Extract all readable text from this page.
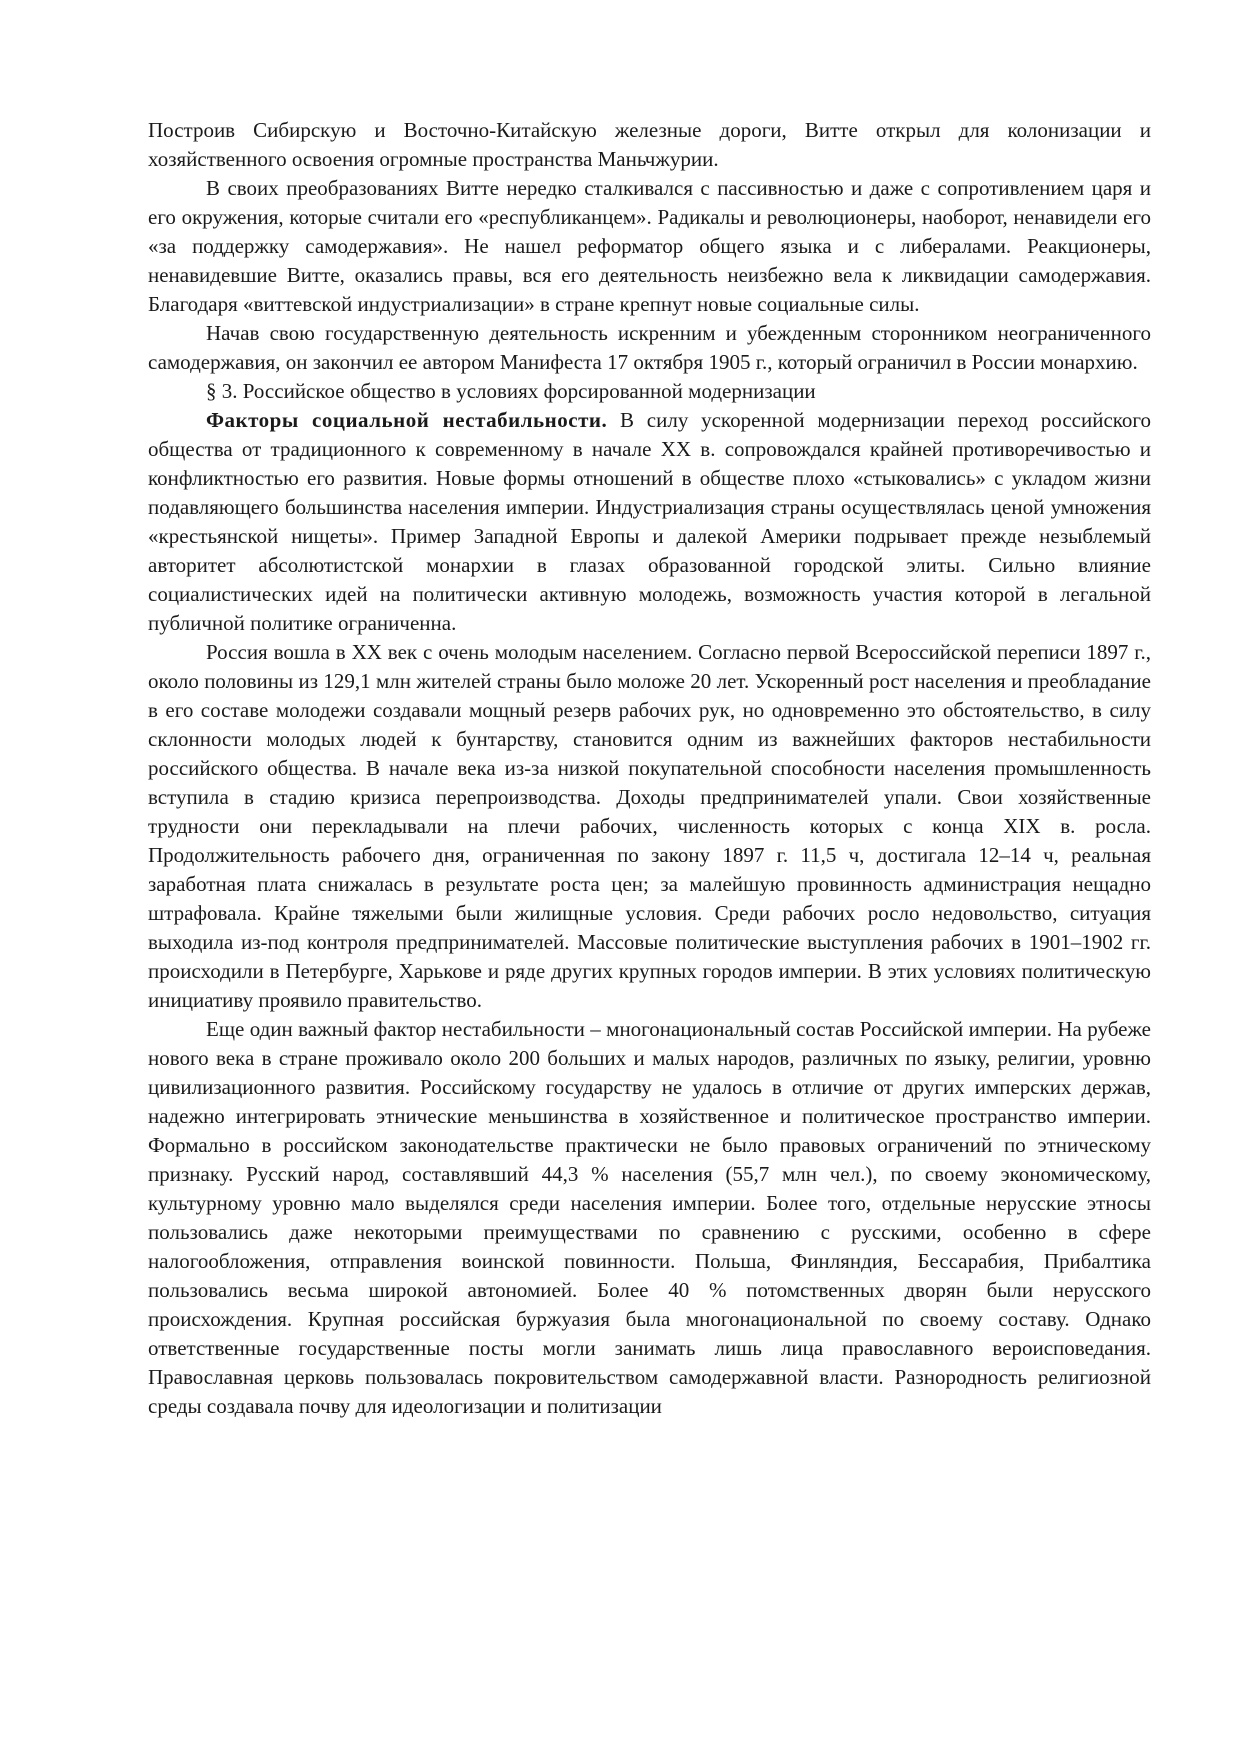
Построив Сибирскую и Восточно-Китайскую железные дороги, Витте открыл для колонизации и хозяйственного освоения огромные пространства Маньчжурии.

В своих преобразованиях Витте нередко сталкивался с пассивностью и даже с сопротивлением царя и его окружения, которые считали его «республиканцем». Радикалы и революционеры, наоборот, ненавидели его «за поддержку самодержавия». Не нашел реформатор общего языка и с либералами. Реакционеры, ненавидевшие Витте, оказались правы, вся его деятельность неизбежно вела к ликвидации самодержавия. Благодаря «виттевской индустриализации» в стране крепнут новые социальные силы.

Начав свою государственную деятельность искренним и убежденным сторонником неограниченного самодержавия, он закончил ее автором Манифеста 17 октября 1905 г., который ограничил в России монархию.

§ 3. Российское общество в условиях форсированной модернизации

Факторы социальной нестабильности. В силу ускоренной модернизации переход российского общества от традиционного к современному в начале XX в. сопровождался крайней противоречивостью и конфликтностью его развития. Новые формы отношений в обществе плохо «стыковались» с укладом жизни подавляющего большинства населения империи. Индустриализация страны осуществлялась ценой умножения «крестьянской нищеты». Пример Западной Европы и далекой Америки подрывает прежде незыблемый авторитет абсолютистской монархии в глазах образованной городской элиты. Сильно влияние социалистических идей на политически активную молодежь, возможность участия которой в легальной публичной политике ограниченна.

Россия вошла в XX век с очень молодым населением. Согласно первой Всероссийской переписи 1897 г., около половины из 129,1 млн жителей страны было моложе 20 лет. Ускоренный рост населения и преобладание в его составе молодежи создавали мощный резерв рабочих рук, но одновременно это обстоятельство, в силу склонности молодых людей к бунтарству, становится одним из важнейших факторов нестабильности российского общества. В начале века из-за низкой покупательной способности населения промышленность вступила в стадию кризиса перепроизводства. Доходы предпринимателей упали. Свои хозяйственные трудности они перекладывали на плечи рабочих, численность которых с конца XIX в. росла. Продолжительность рабочего дня, ограниченная по закону 1897 г. 11,5 ч, достигала 12–14 ч, реальная заработная плата снижалась в результате роста цен; за малейшую провинность администрация нещадно штрафовала. Крайне тяжелыми были жилищные условия. Среди рабочих росло недовольство, ситуация выходила из-под контроля предпринимателей. Массовые политические выступления рабочих в 1901–1902 гг. происходили в Петербурге, Харькове и ряде других крупных городов империи. В этих условиях политическую инициативу проявило правительство.

Еще один важный фактор нестабильности – многонациональный состав Российской империи. На рубеже нового века в стране проживало около 200 больших и малых народов, различных по языку, религии, уровню цивилизационного развития. Российскому государству не удалось в отличие от других имперских держав, надежно интегрировать этнические меньшинства в хозяйственное и политическое пространство империи. Формально в российском законодательстве практически не было правовых ограничений по этническому признаку. Русский народ, составлявший 44,3 % населения (55,7 млн чел.), по своему экономическому, культурному уровню мало выделялся среди населения империи. Более того, отдельные нерусские этносы пользовались даже некоторыми преимуществами по сравнению с русскими, особенно в сфере налогообложения, отправления воинской повинности. Польша, Финляндия, Бессарабия, Прибалтика пользовались весьма широкой автономией. Более 40 % потомственных дворян были нерусского происхождения. Крупная российская буржуазия была многонациональной по своему составу. Однако ответственные государственные посты могли занимать лишь лица православного вероисповедания. Православная церковь пользовалась покровительством самодержавной власти. Разнородность религиозной среды создавала почву для идеологизации и политизации
